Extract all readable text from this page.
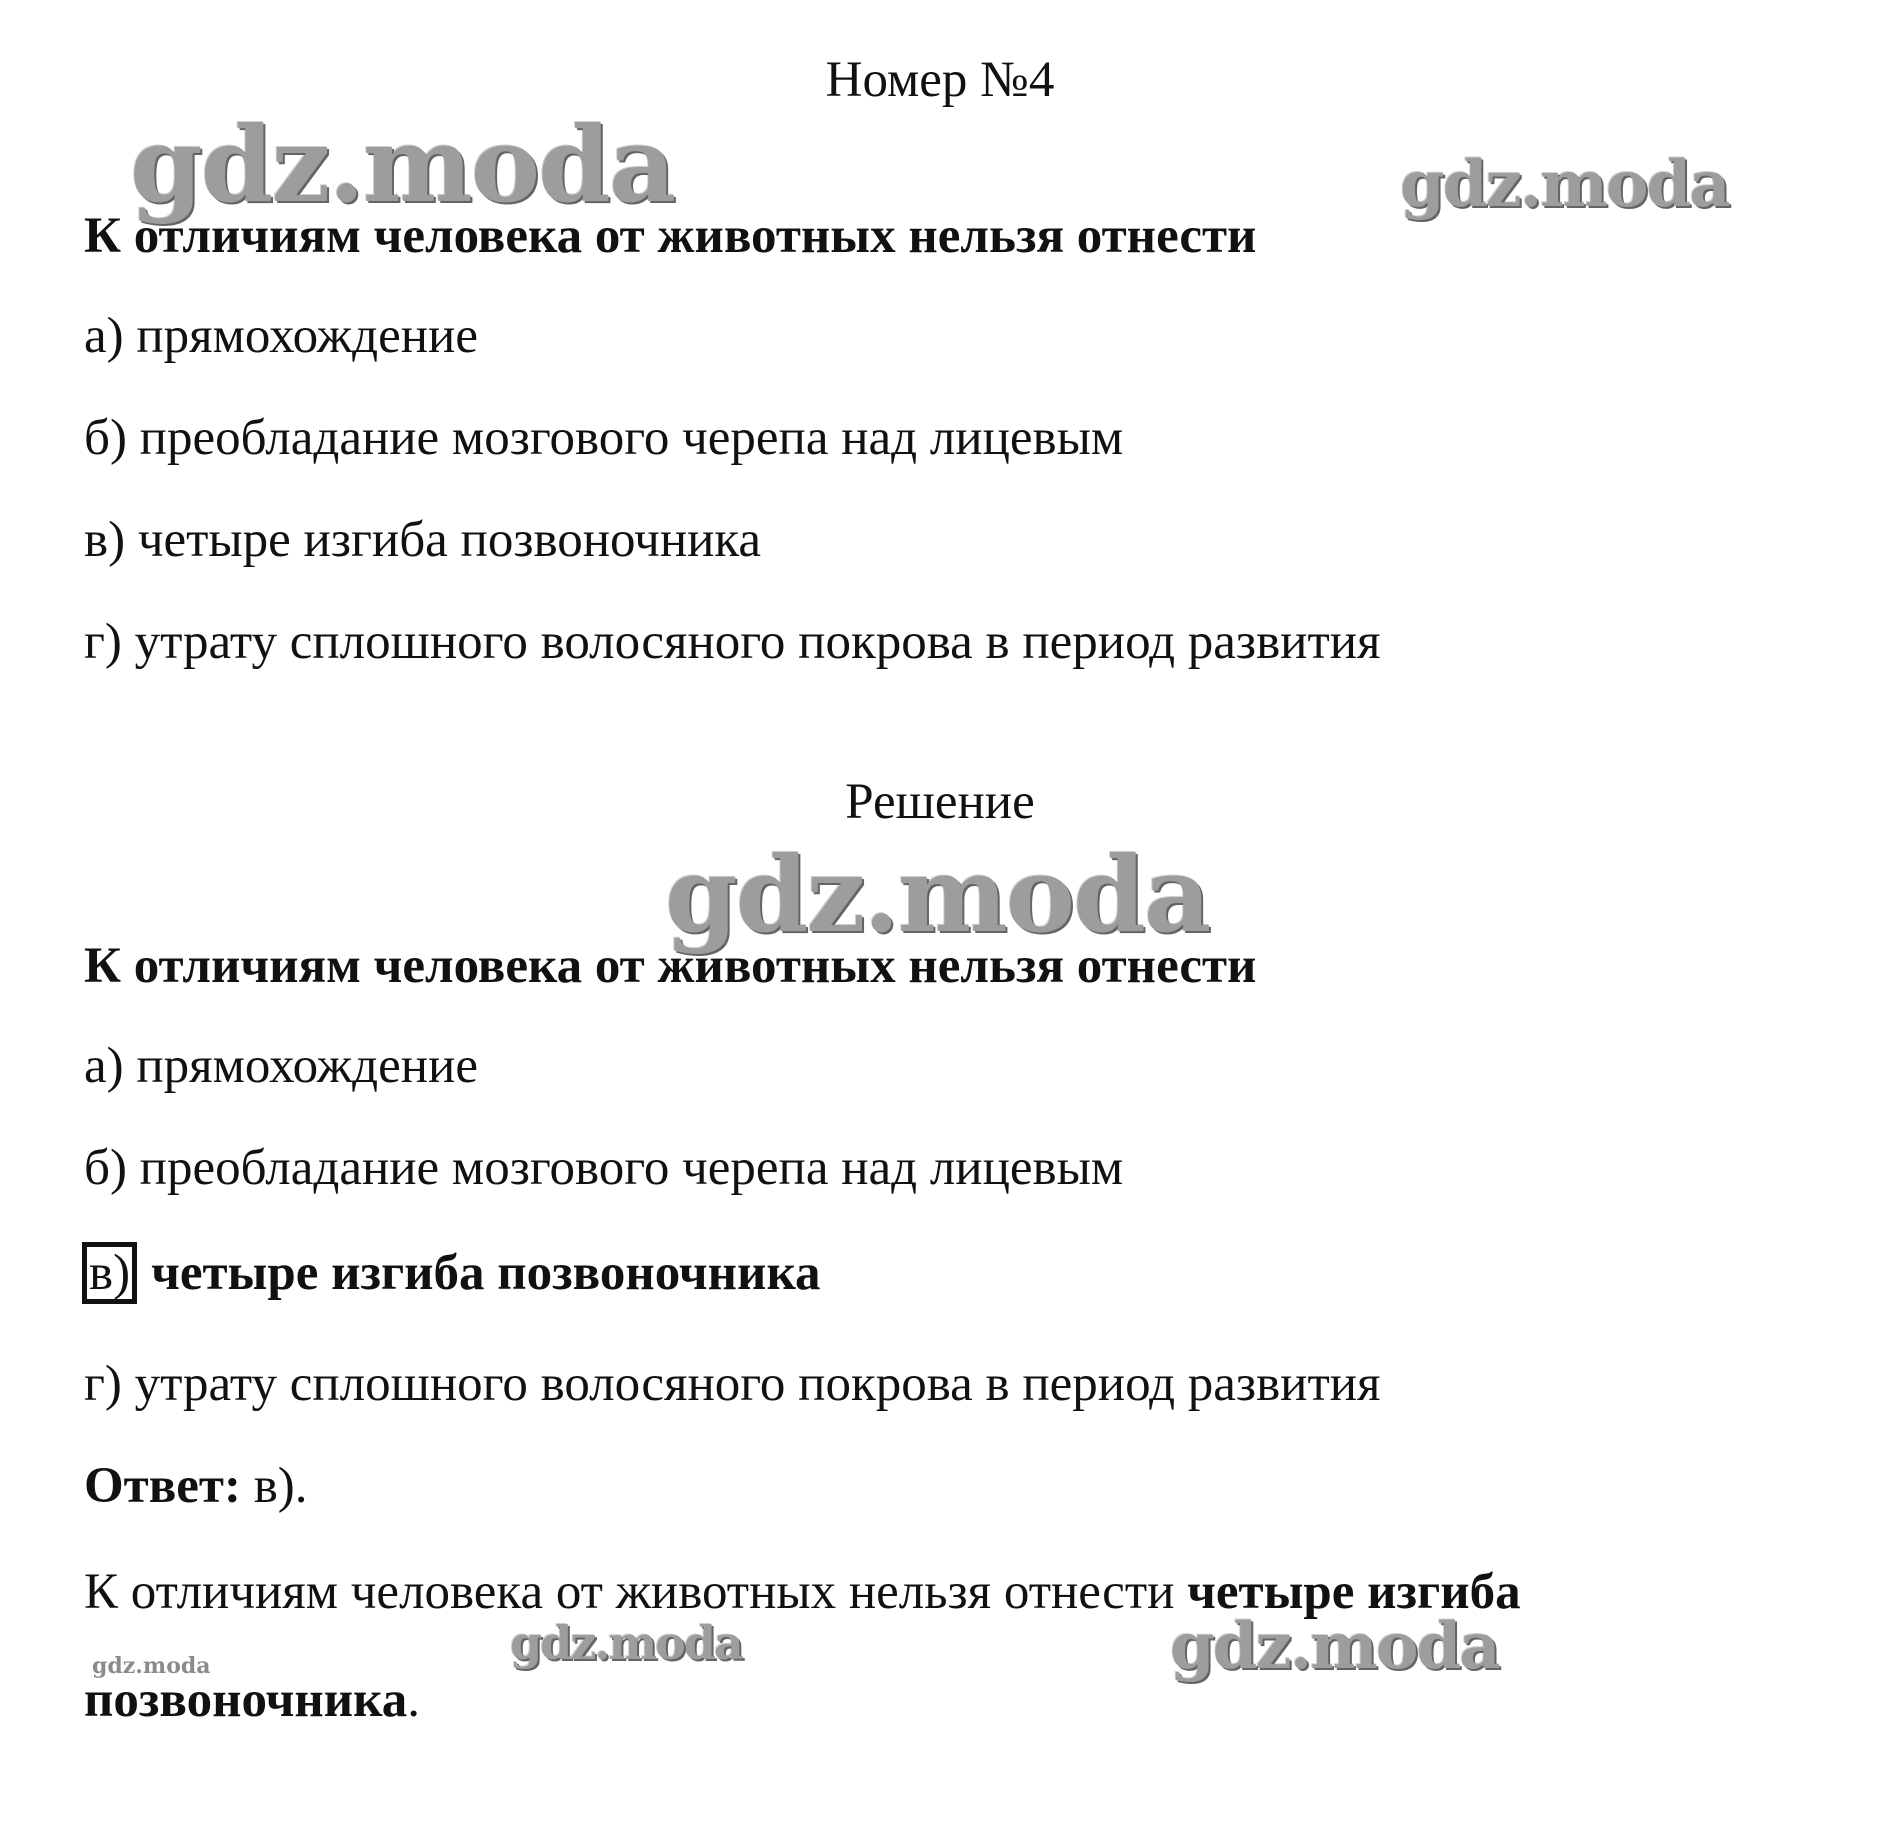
Номер №4
gdz.moda	gdz.moda
К отличиям человека от животных нельзя отнести
а) прямохождение
б) преобладание мозгового черепа над лицевым
в) четыре изгиба позвоночника
г) утрату сплошного волосяного покрова в период развития
Решение
gdz.moda
К отличиям человека от животных нельзя отнести
а) прямохождение
б) преобладание мозгового черепа над лицевым
в) четыре изгиба позвоночника
г) утрату сплошного волосяного покрова в период развития
Ответ: в).
К отличиям человека от животных нельзя отнести четыре изгиба
gdz.moda	gdz.moda
gdz.moda
позвоночника.
